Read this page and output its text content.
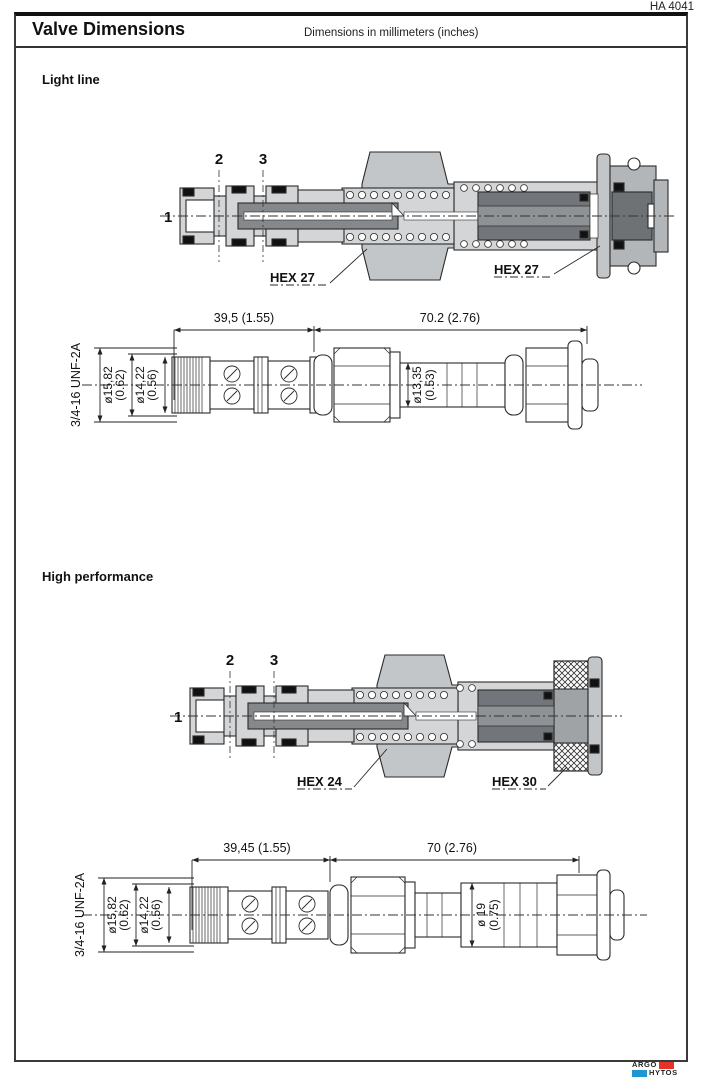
HA 4041
Valve Dimensions	Dimensions in millimeters (inches)
Light line
1
2 3
HEX 27
HEX 27
39,5 (1.55)	70.2 (2.76)
3/4-16 UNF-2A ø15,82
(0.62) ø14,22
(0.56)	ø13,35 (0.53)
High performance
1
2 3
HEX 24	HEX 30
39,45 (1.55)	70 (2.76)
3/4-16 UNF-2A ø15,82
(0.62) ø14,22
(0.56)	ø 19 (0.75)
ARGO
HYTOS
